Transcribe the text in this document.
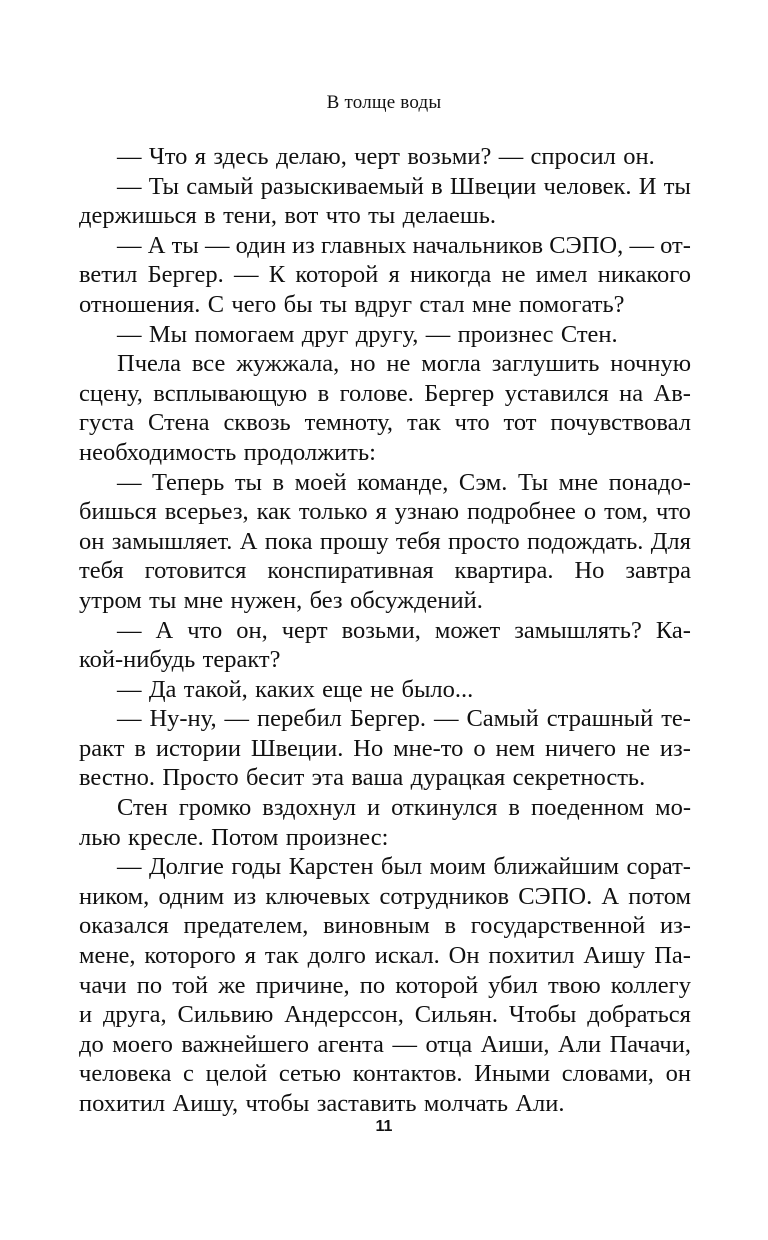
В толще воды
— Что я здесь делаю, черт возьми? — спросил он.
— Ты самый разыскиваемый в Швеции человек. И ты
держишься в тени, вот что ты делаешь.
— А ты — один из главных начальников СЭПО, — от-
ветил Бергер. — К которой я никогда не имел никакого
отношения. С чего бы ты вдруг стал мне помогать?
— Мы помогаем друг другу, — произнес Стен.
Пчела все жужжала, но не могла заглушить ночную
сцену, всплывающую в голове. Бергер уставился на Ав-
густа Стена сквозь темноту, так что тот почувствовал
необходимость продолжить:
— Теперь ты в моей команде, Сэм. Ты мне понадо-
бишься всерьез, как только я узнаю подробнее о том, что
он замышляет. А пока прошу тебя просто подождать. Для
тебя готовится конспиративная квартира. Но завтра
утром ты мне нужен, без обсуждений.
— А что он, черт возьми, может замышлять? Ка-
кой-нибудь теракт?
— Да такой, каких еще не было...
— Ну-ну, — перебил Бергер. — Самый страшный те-
ракт в истории Швеции. Но мне-то о нем ничего не из-
вестно. Просто бесит эта ваша дурацкая секретность.
Стен громко вздохнул и откинулся в поеденном мо-
лью кресле. Потом произнес:
— Долгие годы Карстен был моим ближайшим сорат-
ником, одним из ключевых сотрудников СЭПО. А потом
оказался предателем, виновным в государственной из-
мене, которого я так долго искал. Он похитил Аишу Па-
чачи по той же причине, по которой убил твою коллегу
и друга, Сильвию Андерссон, Сильян. Чтобы добраться
до моего важнейшего агента — отца Аиши, Али Пачачи,
человека с целой сетью контактов. Иными словами, он
похитил Аишу, чтобы заставить молчать Али.
11
